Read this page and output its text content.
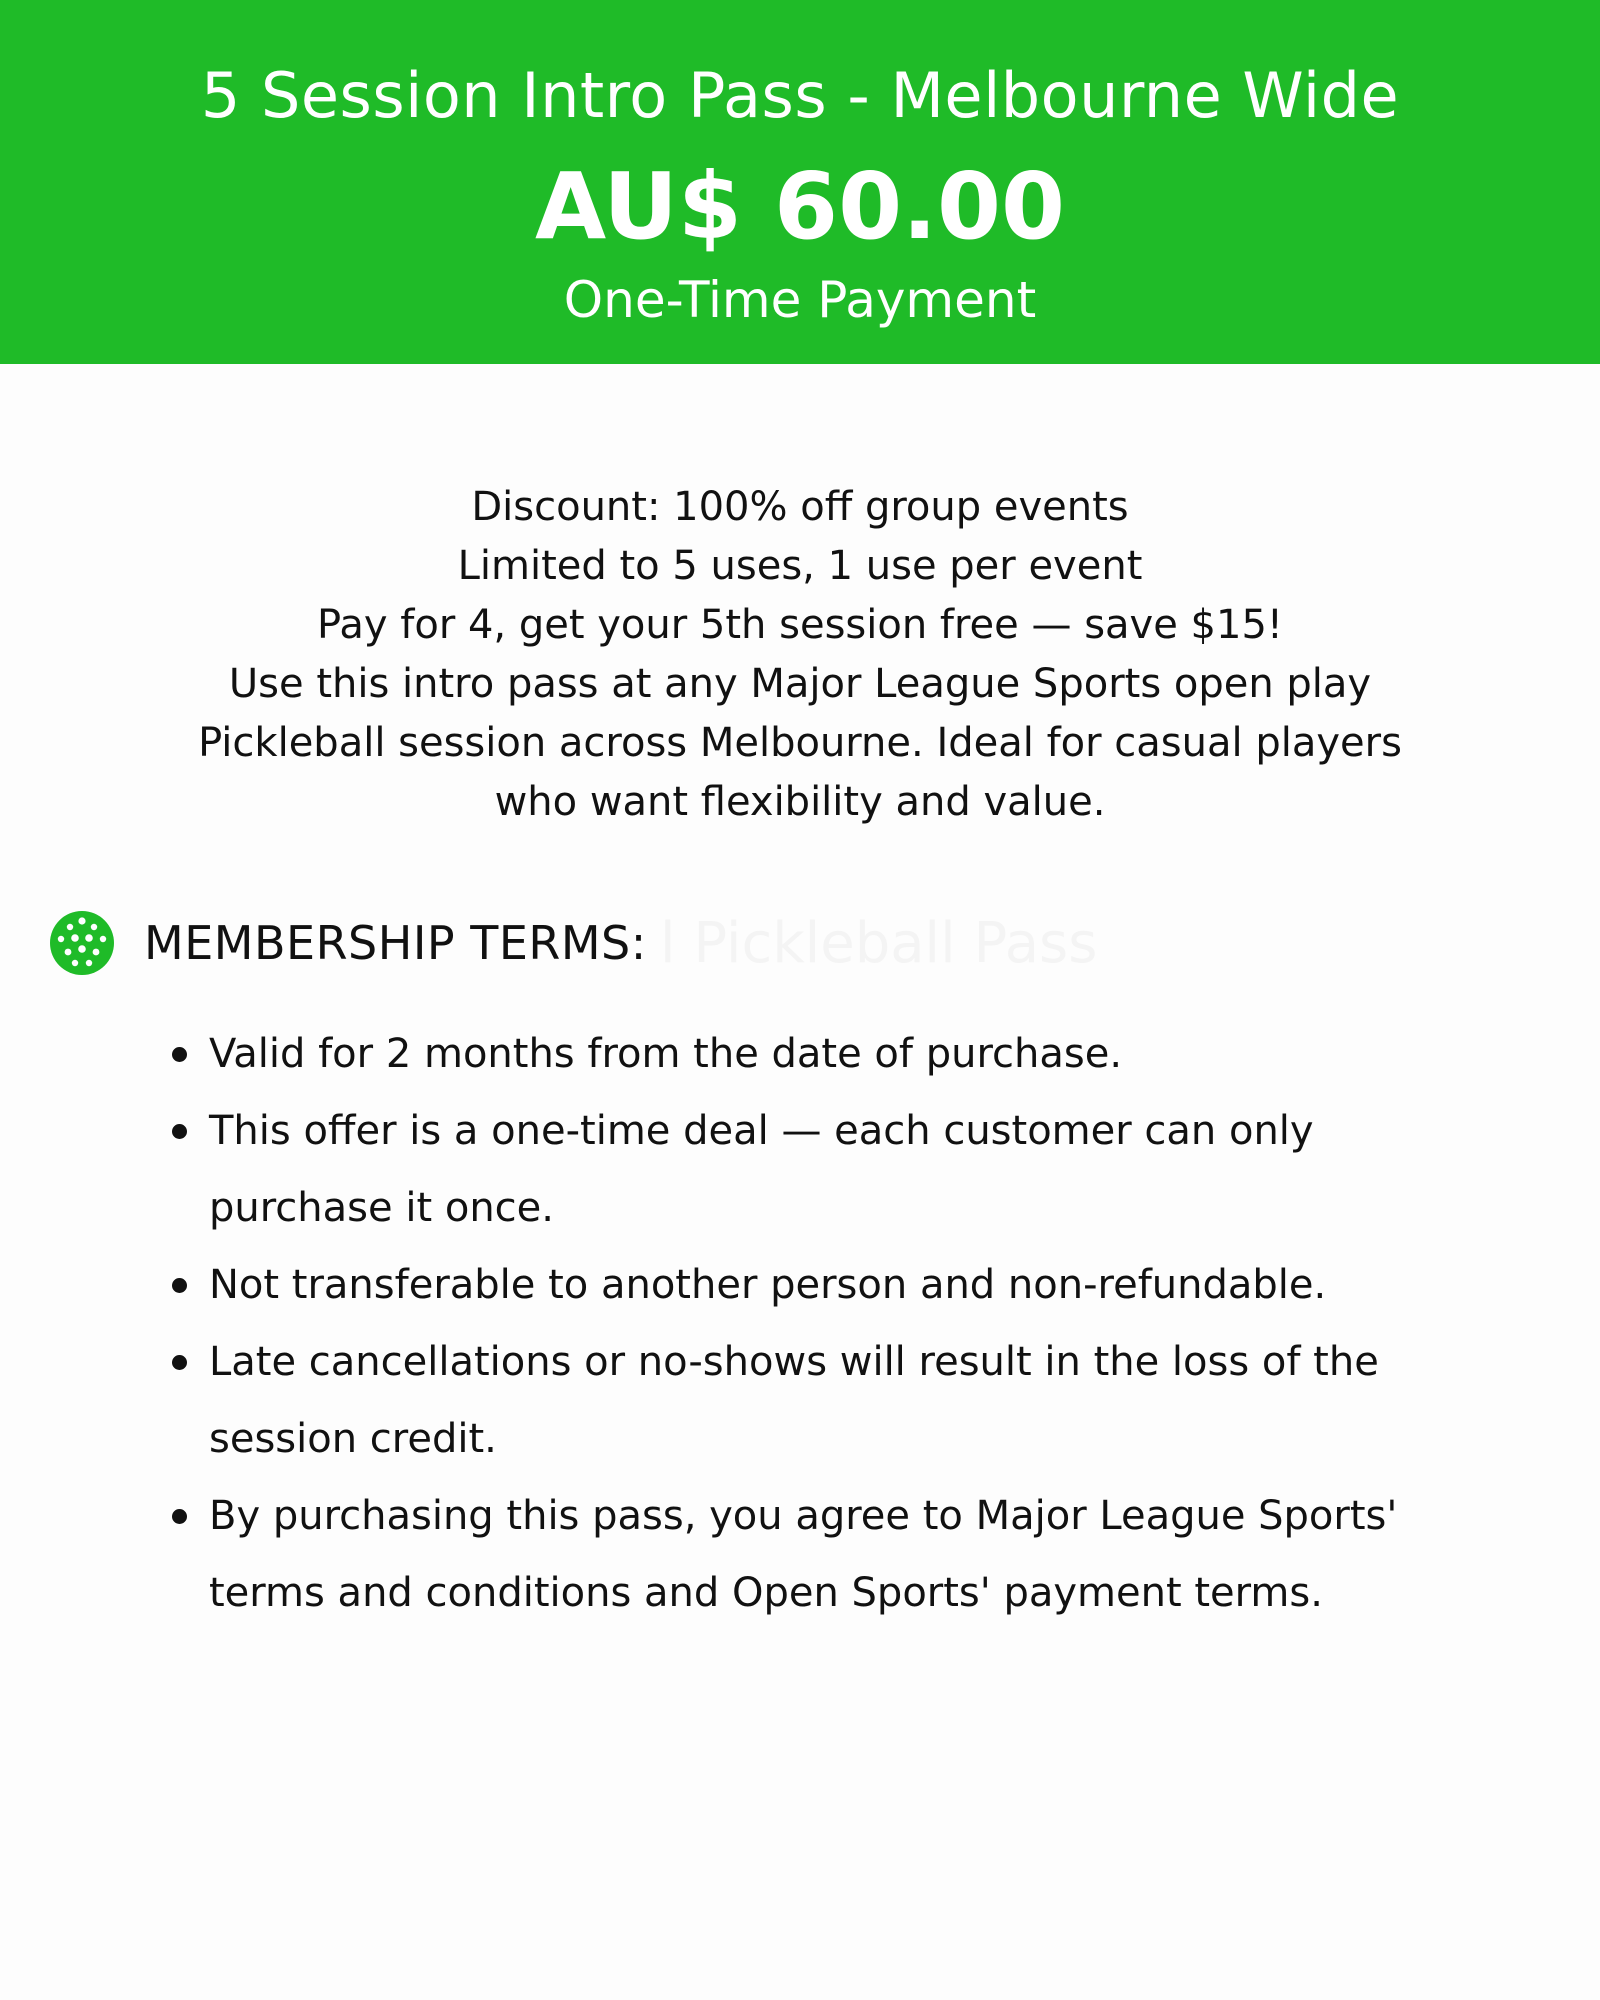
5 Session Intro Pass - Melbourne Wide
AU$ 60.00
One-Time Payment
Discount: 100% off group events
Limited to 5 uses, 1 use per event
Pay for 4, get your 5th session free — save $15!
Use this intro pass at any Major League Sports open play
Pickleball session across Melbourne. Ideal for casual players
who want flexibility and value.
l Pickleball Pass
MEMBERSHIP TERMS:
Valid for 2 months from the date of purchase.
This offer is a one-time deal — each customer can only purchase it once.
Not transferable to another person and non-refundable.
Late cancellations or no-shows will result in the loss of the session credit.
By purchasing this pass, you agree to Major League Sports' terms and conditions and Open Sports' payment terms.
